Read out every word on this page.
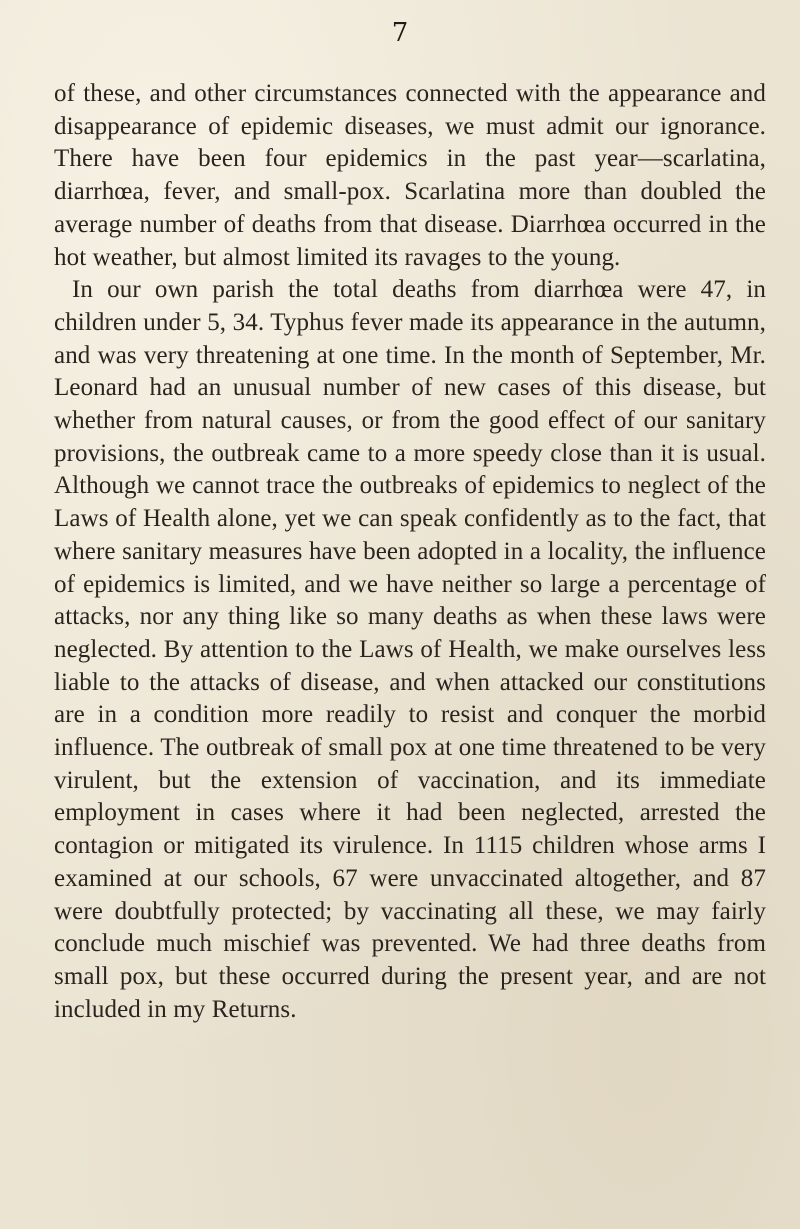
7

of these, and other circumstances connected with the appearance and disappearance of epidemic diseases, we must admit our ignorance. There have been four epidemics in the past year—scarlatina, diarrhœa, fever, and small-pox. Scarlatina more than doubled the average number of deaths from that disease. Diarrhœa occurred in the hot weather, but almost limited its ravages to the young.

In our own parish the total deaths from diarrhœa were 47, in children under 5, 34. Typhus fever made its appearance in the autumn, and was very threatening at one time. In the month of September, Mr. Leonard had an unusual number of new cases of this disease, but whether from natural causes, or from the good effect of our sanitary provisions, the outbreak came to a more speedy close than it is usual. Although we cannot trace the outbreaks of epidemics to neglect of the Laws of Health alone, yet we can speak confidently as to the fact, that where sanitary measures have been adopted in a locality, the influence of epidemics is limited, and we have neither so large a percentage of attacks, nor any thing like so many deaths as when these laws were neglected. By attention to the Laws of Health, we make ourselves less liable to the attacks of disease, and when attacked our constitutions are in a condition more readily to resist and conquer the morbid influence. The outbreak of small pox at one time threatened to be very virulent, but the extension of vaccination, and its immediate employment in cases where it had been neglected, arrested the contagion or mitigated its virulence. In 1115 children whose arms I examined at our schools, 67 were unvaccinated altogether, and 87 were doubtfully protected; by vaccinating all these, we may fairly conclude much mischief was prevented. We had three deaths from small pox, but these occurred during the present year, and are not included in my Returns.
